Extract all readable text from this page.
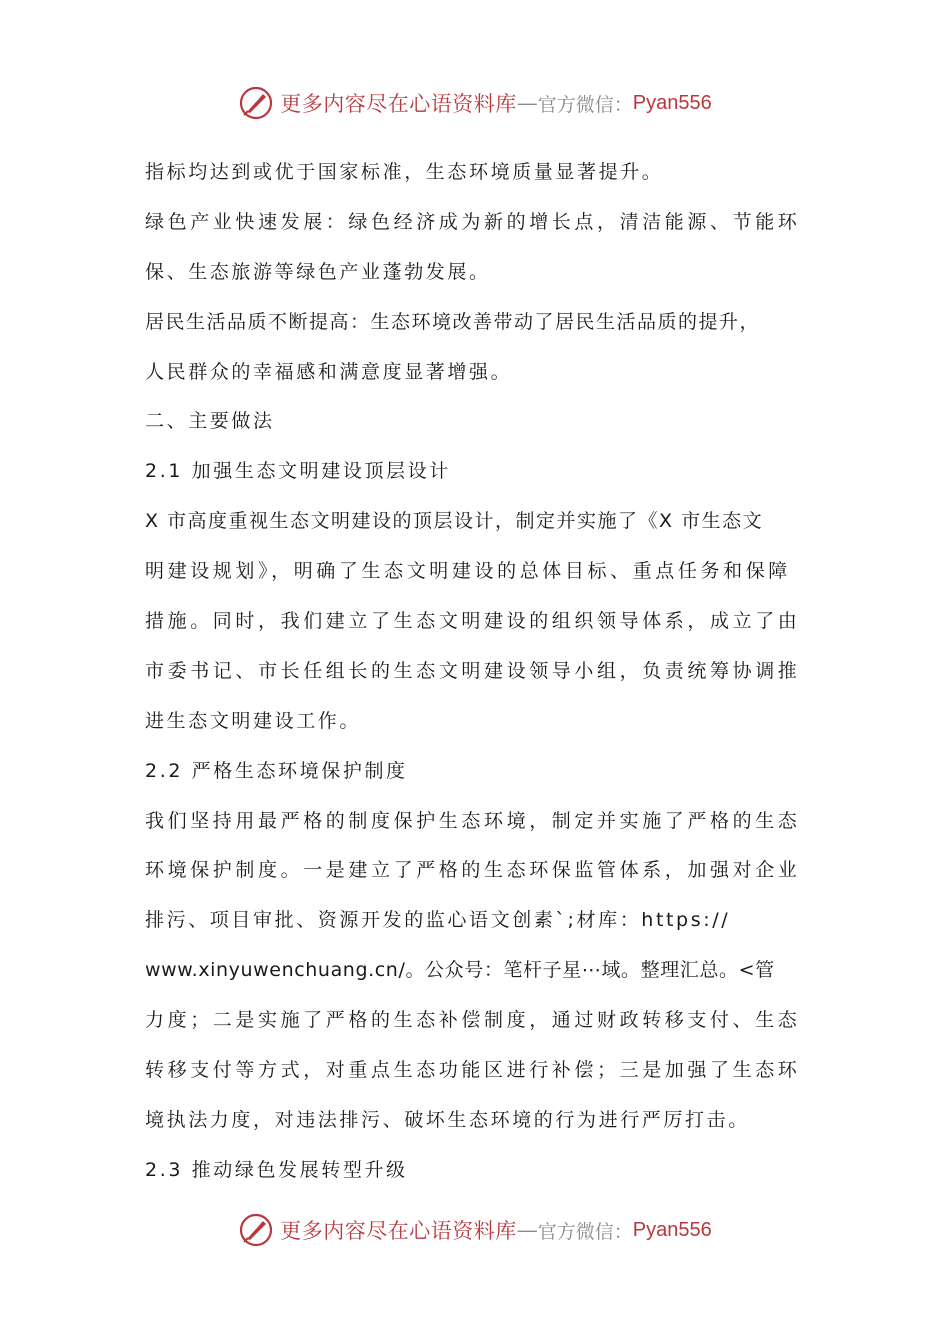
更多内容尽在心语资料库 — 官方微信： Pyan556
指标均达到或优于国家标准，生态环境质量显著提升。
绿色产业快速发展：绿色经济成为新的增长点，清洁能源、节能环
保、生态旅游等绿色产业蓬勃发展。
居民生活品质不断提高：生态环境改善带动了居民生活品质的提升，
人民群众的幸福感和满意度显著增强。
二、主要做法
2.1 加强生态文明建设顶层设计
X 市高度重视生态文明建设的顶层设计，制定并实施了《X 市生态文
明建设规划》，明确了生态文明建设的总体目标、重点任务和保障
措施。同时，我们建立了生态文明建设的组织领导体系，成立了由
市委书记、市长任组长的生态文明建设领导小组，负责统筹协调推
进生态文明建设工作。
2.2 严格生态环境保护制度
我们坚持用最严格的制度保护生态环境，制定并实施了严格的生态
环境保护制度。一是建立了严格的生态环保监管体系，加强对企业
排污、项目审批、资源开发的监心语文创素`;材库：https://
www.xinyuwenchuang.cn/。公众号：笔杆子星⋯域。整理汇总。<管
力度；二是实施了严格的生态补偿制度，通过财政转移支付、生态
转移支付等方式，对重点生态功能区进行补偿；三是加强了生态环
境执法力度，对违法排污、破坏生态环境的行为进行严厉打击。
2.3 推动绿色发展转型升级
更多内容尽在心语资料库 — 官方微信： Pyan556
